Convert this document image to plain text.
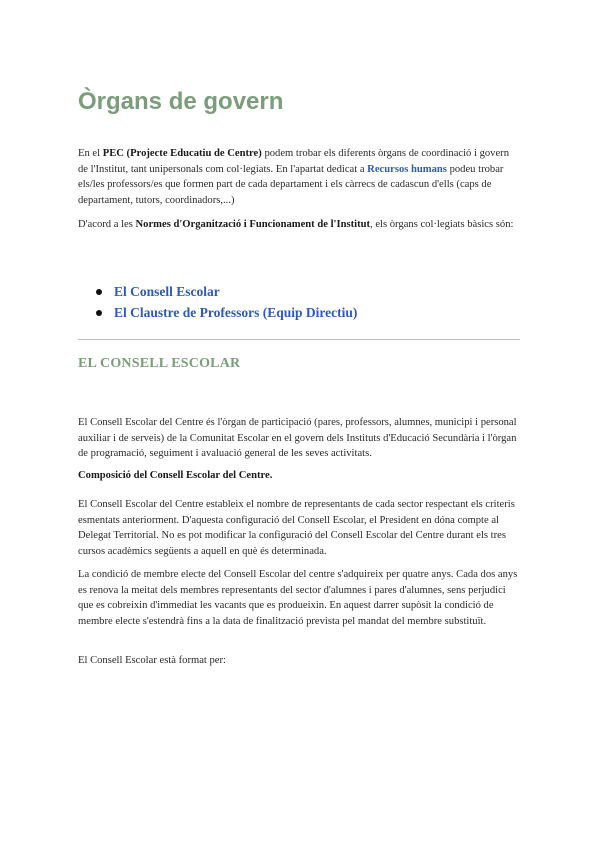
Òrgans de govern

En el PEC (Projecte Educatiu de Centre) podem trobar els diferents òrgans de coordinació i govern de l'Institut, tant unipersonals com col·legiats. En l'apartat dedicat a Recursos humans podeu trobar els/les professors/es que formen part de cada departament i els càrrecs de cadascun d'ells (caps de departament, tutors, coordinadors,...)

D'acord a les Normes d'Organització i Funcionament de l'Institut, els òrgans col·legiats bàsics són:

El Consell Escolar
El Claustre de Professors (Equip Directiu)
EL CONSELL ESCOLAR

El Consell Escolar del Centre és l'òrgan de participació (pares, professors, alumnes, municipi i personal auxiliar i de serveis) de la Comunitat Escolar en el govern dels Instituts d'Educació Secundària i l'òrgan de programació, seguiment i avaluació general de les seves activitats.

Composició del Consell Escolar del Centre.

El Consell Escolar del Centre estableix el nombre de representants de cada sector respectant els criteris esmentats anteriorment. D'aquesta configuració del Consell Escolar, el President en dóna compte al Delegat Territorial. No es pot modificar la configuració del Consell Escolar del Centre durant els tres cursos acadèmics següents a aquell en què és determinada.

La condició de membre electe del Consell Escolar del centre s'adquireix per quatre anys. Cada dos anys es renova la meitat dels membres representants del sector d'alumnes i pares d'alumnes, sens perjudici que es cobreixin d'immediat les vacants que es produeixin. En aquest darrer supòsit la condició de membre electe s'estendrà fins a la data de finalització prevista pel mandat del membre substituït.

El Consell Escolar està format per:
